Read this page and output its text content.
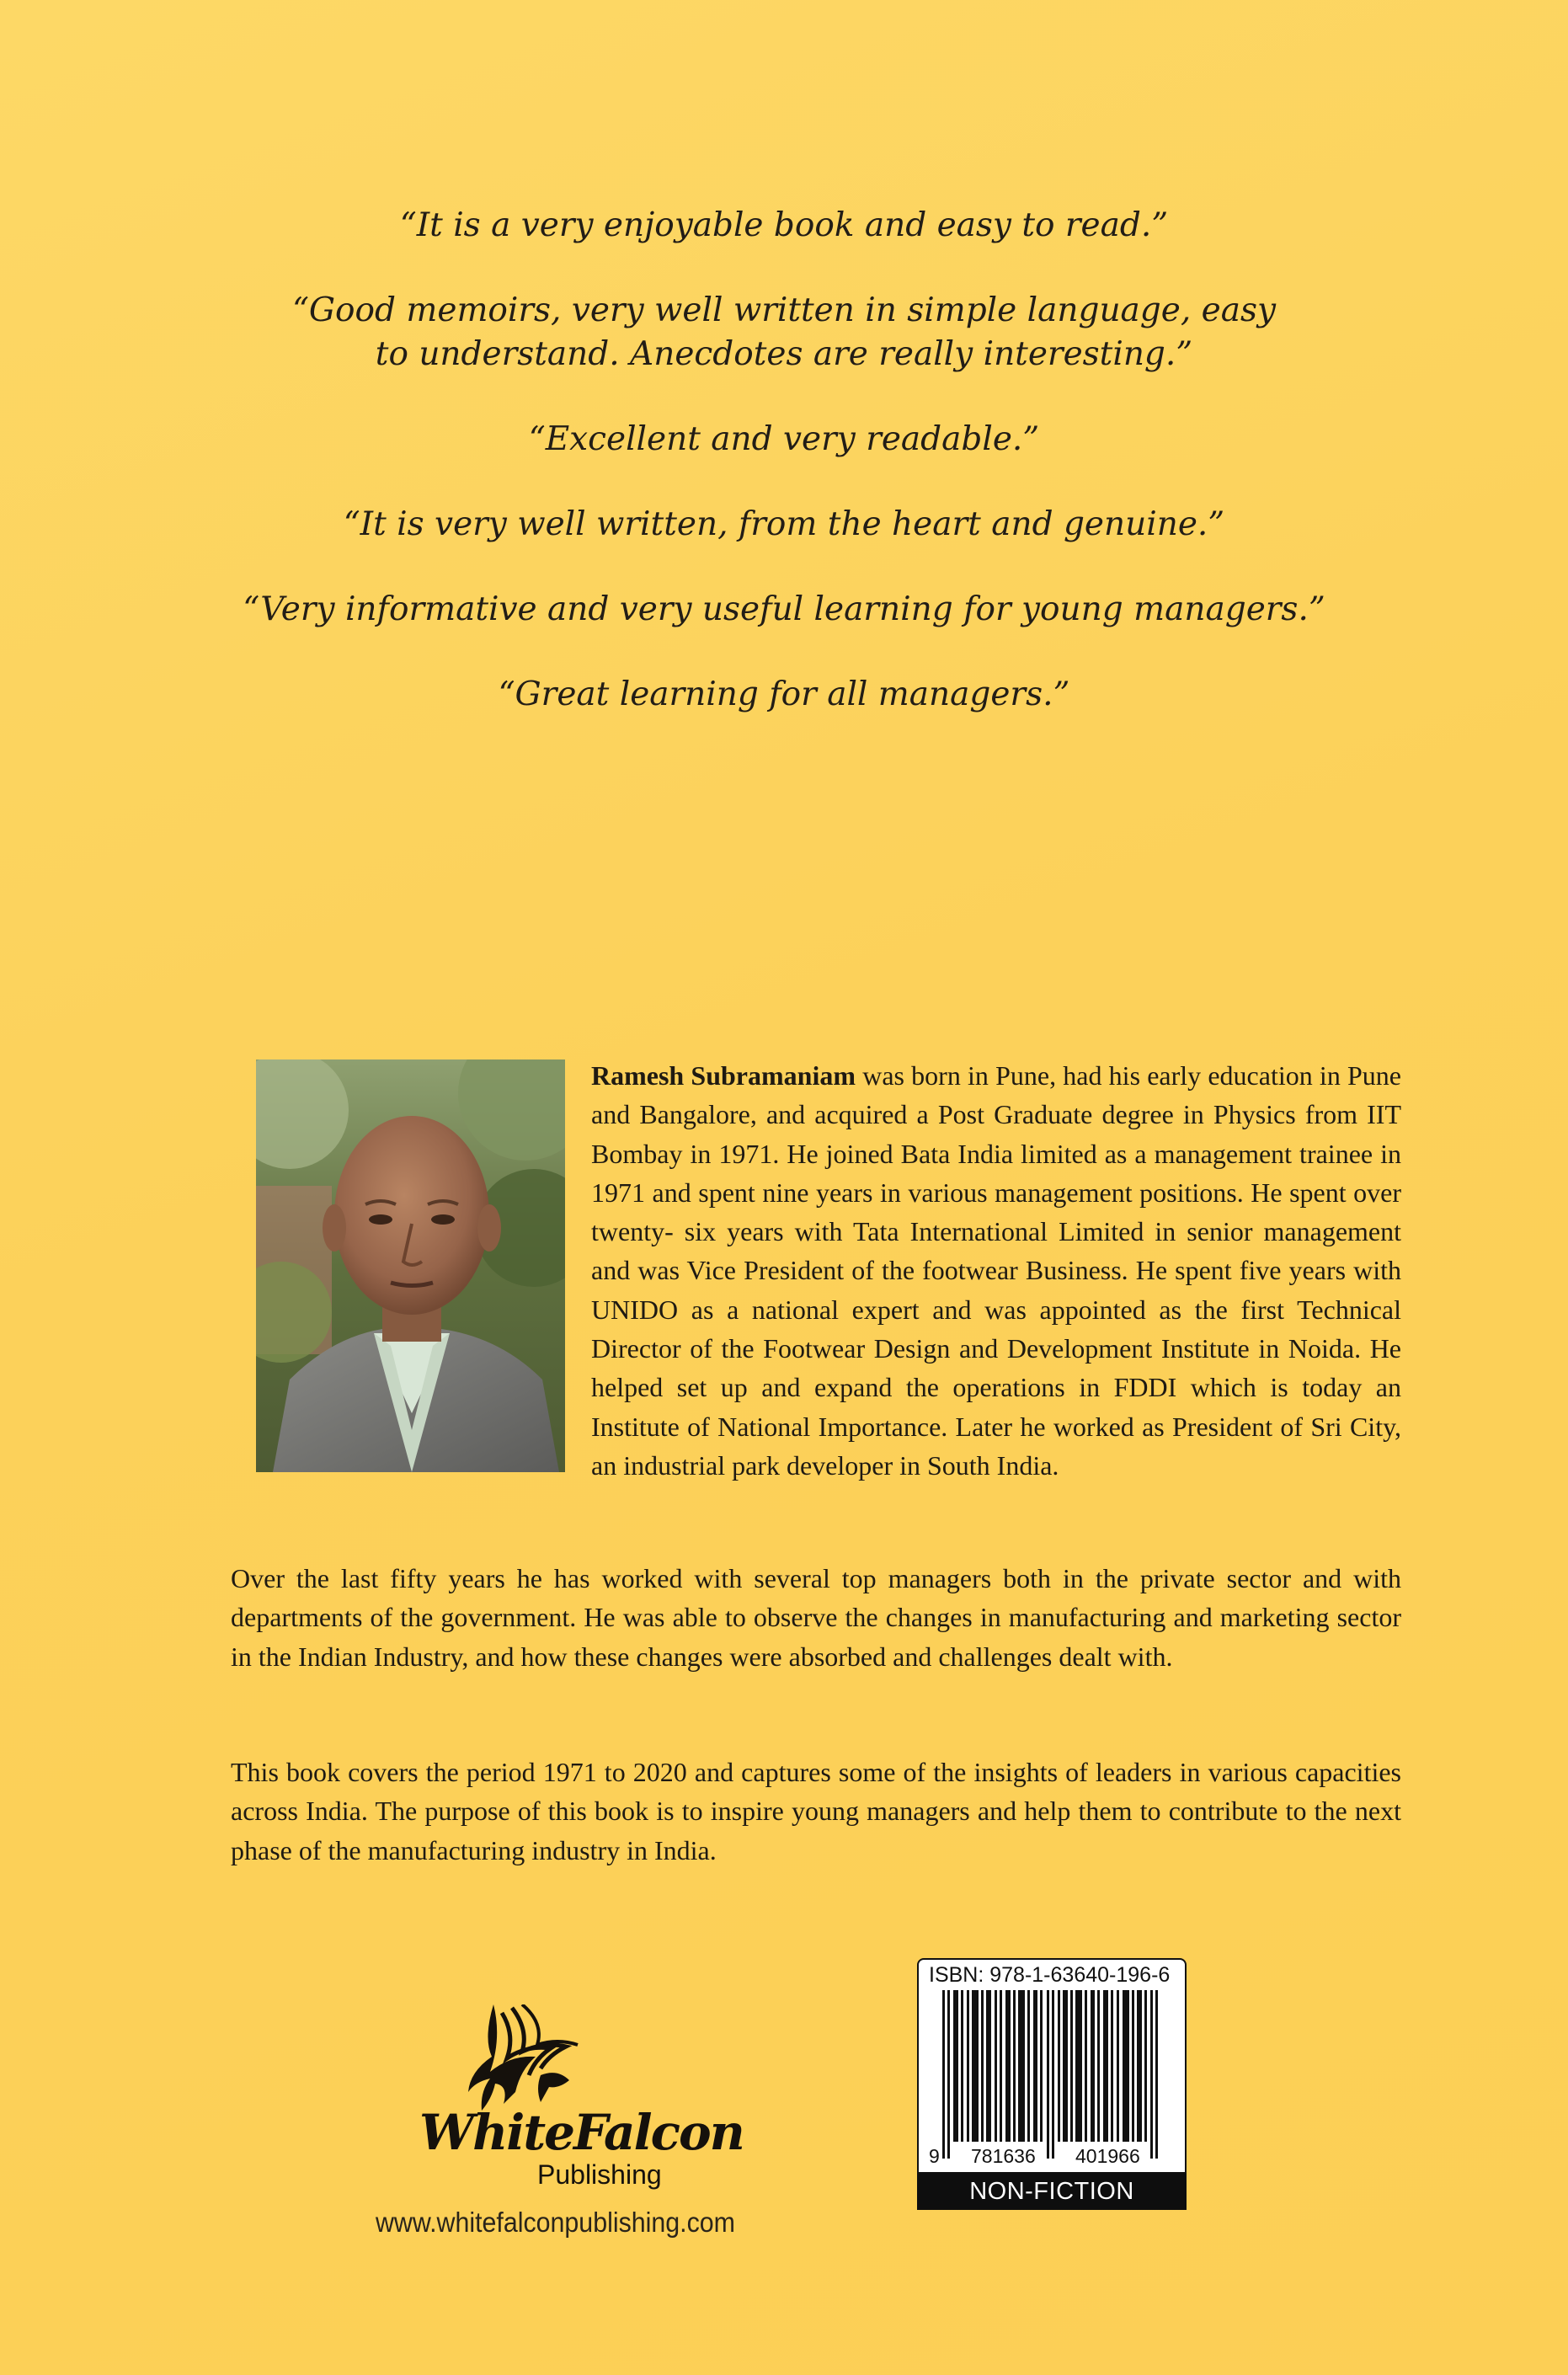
“It is a very enjoyable book and easy to read.”

“Good memoirs, very well written in simple language, easy to understand. Anecdotes are really interesting.”

“Excellent and very readable.”

“It is very well written, from the heart and genuine.”

“Very informative and very useful learning for young managers.”

“Great learning for all managers.”

Ramesh Subramaniam was born in Pune, had his early education in Pune and Bangalore, and acquired a Post Graduate degree in Physics from IIT Bombay in 1971. He joined Bata India limited as a management trainee in 1971 and spent nine years in various management positions. He spent over twenty- six years with Tata International Limited in senior management and was Vice President of the footwear Business. He spent five years with UNIDO as a national expert and was appointed as the first Technical Director of the Footwear Design and Development Institute in Noida. He helped set up and expand the operations in FDDI which is today an Institute of National Importance. Later he worked as President of Sri City, an industrial park developer in South India.

Over the last fifty years he has worked with several top managers both in the private sector and with departments of the government. He was able to observe the changes in manufacturing and marketing sector in the Indian Industry, and how these changes were absorbed and challenges dealt with.

This book covers the period 1971 to 2020 and captures some of the insights of leaders in various capacities across India. The purpose of this book is to inspire young managers and help them to contribute to the next phase of the manufacturing industry in India.

WhiteFalcon
Publishing
www.whitefalconpublishing.com
ISBN: 978-1-63640-196-6
9 781636 401966
NON-FICTION
